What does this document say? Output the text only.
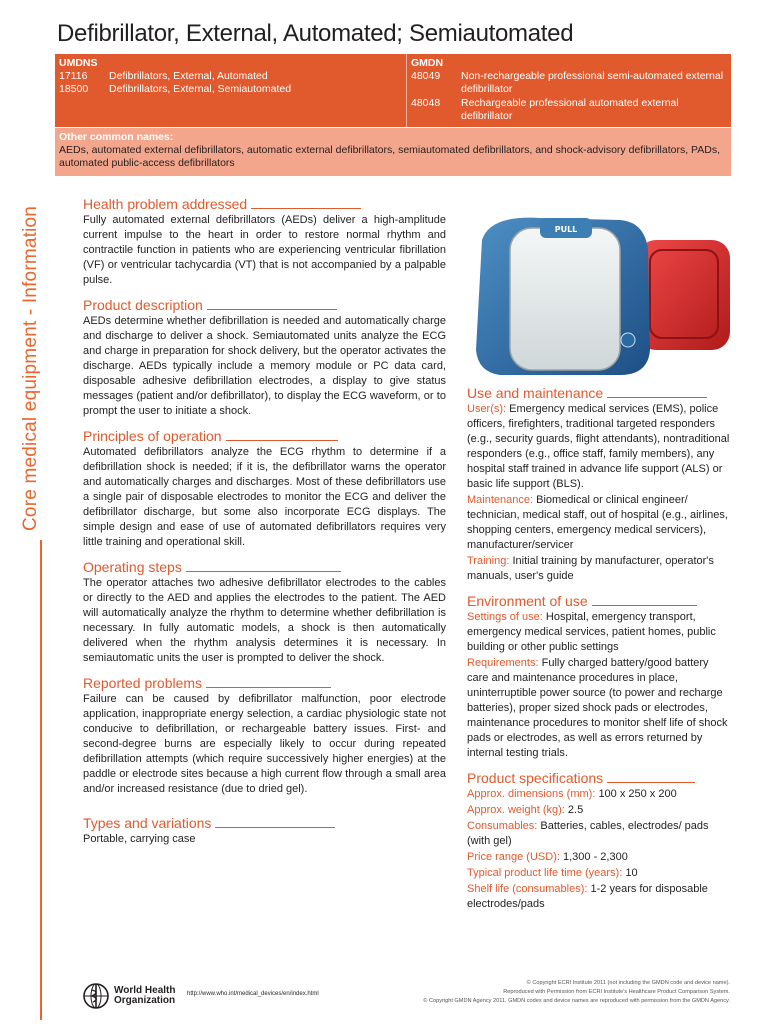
Defibrillator, External, Automated; Semiautomated
UMDNS
17116	Defibrillators, External, Automated
18500	Defibrillators, External, Semiautomated
GMDN
48049	Non-rechargeable professional semi-automated external defibrillator
48048	Rechargeable professional automated external defibrillator
Other common names:
AEDs, automated external defibrillators, automatic external defibrillators, semiautomated defibrillators, and shock-advisory defibrillators, PADs, automated public-access defibrillators
Core medical equipment - Information
Health problem addressed
Fully automated external defibrillators (AEDs) deliver a high-amplitude current impulse to the heart in order to restore normal rhythm and contractile function in patients who are experiencing ventricular fibrillation (VF) or ventricular tachycardia (VT) that is not accompanied by a palpable pulse.
Product description
AEDs determine whether defibrillation is needed and automatically charge and discharge to deliver a shock. Semiautomated units analyze the ECG and charge in preparation for shock delivery, but the operator activates the discharge. AEDs typically include a memory module or PC data card, disposable adhesive defibrillation electrodes, a display to give status messages (patient and/or defibrillator), to display the ECG waveform, or to prompt the user to initiate a shock.
Principles of operation
Automated defibrillators analyze the ECG rhythm to determine if a defibrillation shock is needed; if it is, the defibrillator warns the operator and automatically charges and discharges. Most of these defibrillators use a single pair of disposable electrodes to monitor the ECG and deliver the defibrillator discharge, but some also incorporate ECG displays. The simple design and ease of use of automated defibrillators requires very little training and operational skill.
Operating steps
The operator attaches two adhesive defibrillator electrodes to the cables or directly to the AED and applies the electrodes to the patient. The AED will automatically analyze the rhythm to determine whether defibrillation is necessary. In fully automatic models, a shock is then automatically delivered when the rhythm analysis determines it is necessary. In semiautomatic units the user is prompted to deliver the shock.
Reported problems
Failure can be caused by defibrillator malfunction, poor electrode application, inappropriate energy selection, a cardiac physiologic state not conducive to defibrillation, or rechargeable battery issues. First- and second-degree burns are especially likely to occur during repeated defibrillation attempts (which require successively higher energies) at the paddle or electrode sites because a high current flow through a small area and/or increased resistance (due to dried gel).
Types and variations
Portable, carrying case
PULL
Use and maintenance
User(s): Emergency medical services (EMS), police officers, firefighters, traditional targeted responders (e.g., security guards, flight attendants), nontraditional responders (e.g., office staff, family members), any hospital staff trained in advance life support (ALS) or basic life support (BLS).
Maintenance: Biomedical or clinical engineer/ technician, medical staff, out of hospital (e.g., airlines, shopping centers, emergency medical servicers), manufacturer/servicer
Training: Initial training by manufacturer, operator's manuals, user's guide
Environment of use
Settings of use: Hospital, emergency transport, emergency medical services, patient homes, public building or other public settings
Requirements: Fully charged battery/good battery care and maintenance procedures in place, uninterruptible power source (to power and recharge batteries), proper sized shock pads or electrodes, maintenance procedures to monitor shelf life of shock pads or electrodes, as well as errors returned by internal testing trials.
Product specifications
Approx. dimensions (mm): 100 x 250 x 200
Approx. weight (kg): 2.5
Consumables: Batteries, cables, electrodes/ pads (with gel)
Price range (USD): 1,300 - 2,300
Typical product life time (years): 10
Shelf life (consumables): 1-2 years for disposable electrodes/pads
World Health
Organization
http://www.who.int/medical_devices/en/index.html
© Copyright ECRI Institute 2011 (not including the GMDN code and device name).
Reproduced with Permission from ECRI Institute's Healthcare Product Comparison System.
© Copyright GMDN Agency 2011. GMDN codes and device names are reproduced with permission from the GMDN Agency.
